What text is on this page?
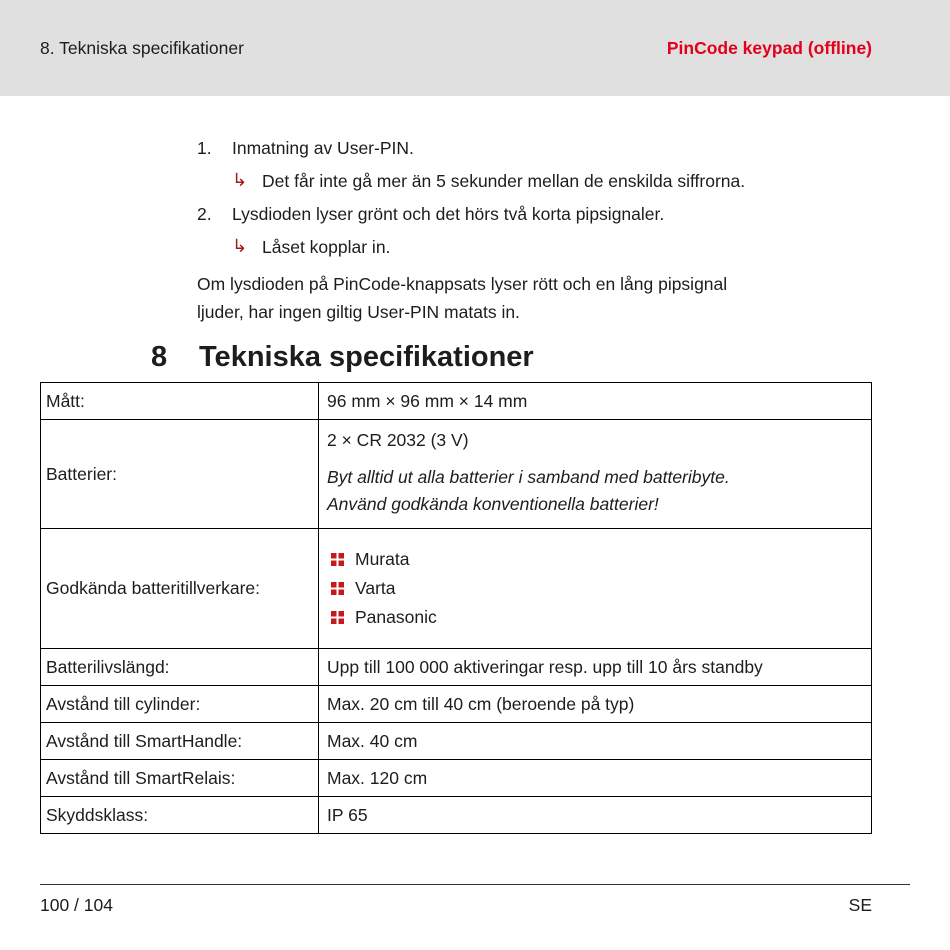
8. Tekniska specifikationer	PinCode keypad (offline)
1.	Inmatning av User-PIN.
↳ Det får inte gå mer än 5 sekunder mellan de enskilda siffrorna.
2.	Lysdioden lyser grönt och det hörs två korta pipsignaler.
↳ Låset kopplar in.
Om lysdioden på PinCode-knappsats lyser rött och en lång pipsignal
ljuder, har ingen giltig User-PIN matats in.
8	Tekniska specifikationer
Mått:	96 mm × 96 mm × 14 mm
Batterier:	2 × CR 2032 (3 V)
Byt alltid ut alla batterier i samband med batteribyte.
Använd godkända konventionella batterier!

Godkända batteritillverkare:	Murata
Varta
Panasonic

Batterilivslängd:	Upp till 100 000 aktiveringar resp. upp till 10 års standby
Avstånd till cylinder:	Max. 20 cm till 40 cm (beroende på typ)
Avstånd till SmartHandle:	Max. 40 cm
Avstånd till SmartRelais:	Max. 120 cm
Skyddsklass:	IP 65
100 / 104	SE
